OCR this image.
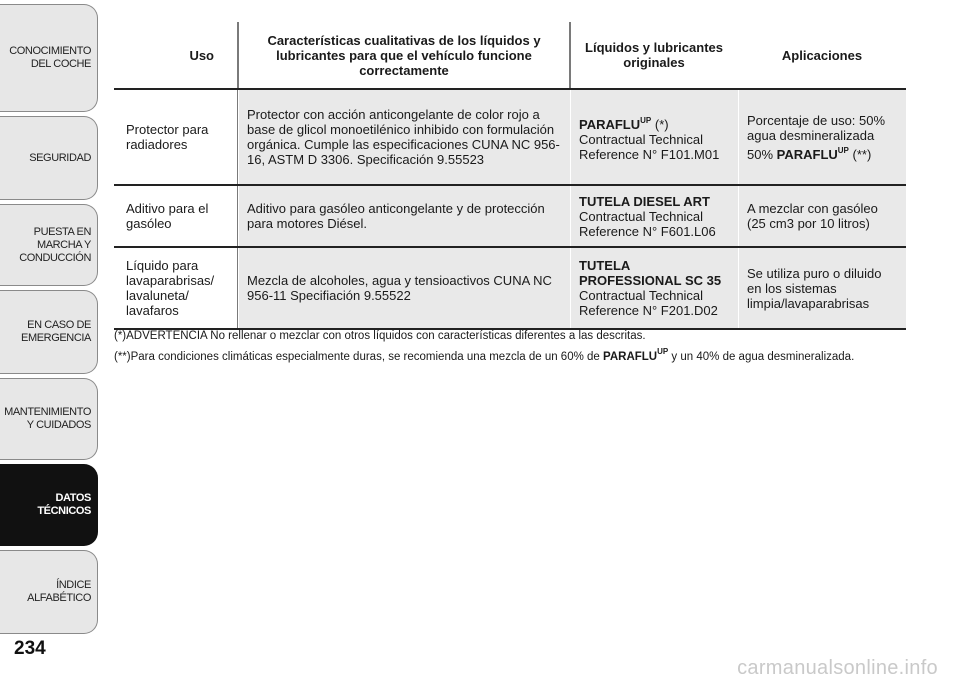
CONOCIMIENTO DEL COCHE
SEGURIDAD
PUESTA EN MARCHA Y CONDUCCIÓN
EN CASO DE EMERGENCIA
MANTENIMIENTO Y CUIDADOS
DATOS TÉCNICOS
ÍNDICE ALFABÉTICO
234
Uso
Características cualitativas de los líquidos y lubricantes para que el vehículo funcione correctamente
Líquidos y lubricantes originales	Aplicaciones
Protector para radiadores
Protector con acción anticongelante de color rojo a base de glicol monoetilénico inhibido con formulación orgánica. Cumple las especificaciones CUNA NC 956-16, ASTM D 3306. Specificación 9.55523
$PARAFLU^{UP}$ (*)
Contractual Technical Reference N° F101.M01
Porcentaje de uso: 50% agua desmineralizada 50% $PARAFLU^{UP}$ (**)
Aditivo para el gasóleo
Aditivo para gasóleo anticongelante y de protección para motores Diésel.
TUTELA DIESEL ART
Contractual Technical Reference N° F601.L06
A mezclar con gasóleo (25 cm3 por 10 litros)
Líquido para lavaparabrisas/ lavaluneta/ lavafaros
Mezcla de alcoholes, agua y tensioactivos CUNA NC 956-11 Specifiación 9.55522
TUTELA PROFESSIONAL SC 35
Contractual Technical Reference N° F201.D02
Se utiliza puro o diluido en los sistemas limpia/lavaparabrisas
(*)ADVERTENCIA No rellenar o mezclar con otros líquidos con características diferentes a las descritas.
(**)Para condiciones climáticas especialmente duras, se recomienda una mezcla de un 60% de $PARAFLU^{UP}$ y un 40% de agua desmineralizada.
carmanualsonline.info
